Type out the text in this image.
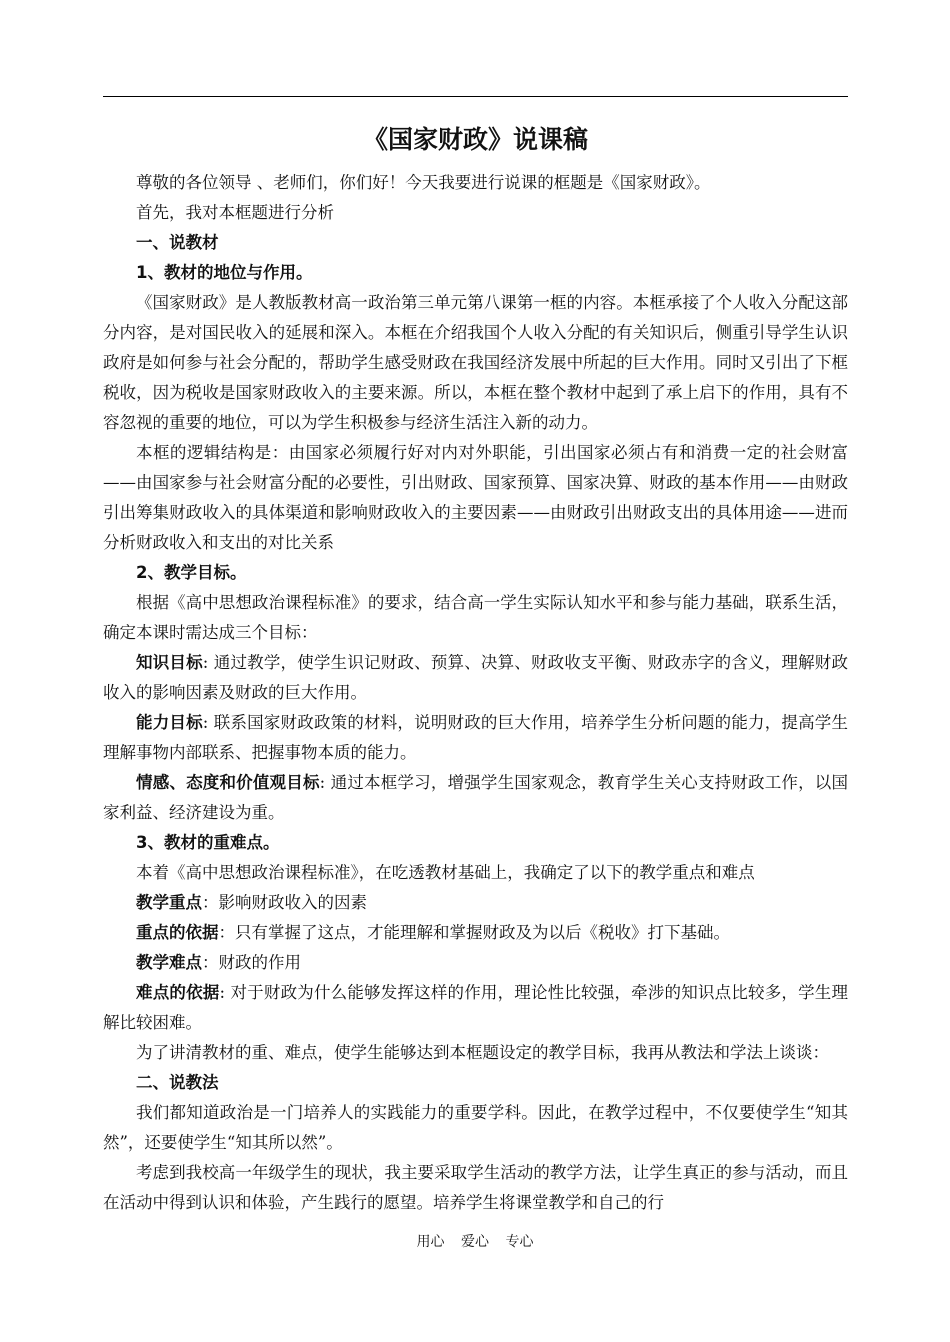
《国家财政》说课稿

尊敬的各位领导 、老师们，你们好！今天我要进行说课的框题是《国家财政》。

首先，我对本框题进行分析

一、说教材

1、教材的地位与作用。

《国家财政》是人教版教材高一政治第三单元第八课第一框的内容。本框承接了个人收入分配这部分内容，是对国民收入的延展和深入。本框在介绍我国个人收入分配的有关知识后，侧重引导学生认识政府是如何参与社会分配的，帮助学生感受财政在我国经济发展中所起的巨大作用。同时又引出了下框税收，因为税收是国家财政收入的主要来源。所以，本框在整个教材中起到了承上启下的作用，具有不容忽视的重要的地位，可以为学生积极参与经济生活注入新的动力。

本框的逻辑结构是：由国家必须履行好对内对外职能，引出国家必须占有和消费一定的社会财富——由国家参与社会财富分配的必要性，引出财政、国家预算、国家决算、财政的基本作用——由财政引出筹集财政收入的具体渠道和影响财政收入的主要因素——由财政引出财政支出的具体用途——进而分析财政收入和支出的对比关系

2、教学目标。

根据《高中思想政治课程标准》的要求，结合高一学生实际认知水平和参与能力基础，联系生活，确定本课时需达成三个目标：

知识目标: 通过教学，使学生识记财政、预算、决算、财政收支平衡、财政赤字的含义，理解财政收入的影响因素及财政的巨大作用。

能力目标: 联系国家财政政策的材料，说明财政的巨大作用，培养学生分析问题的能力，提高学生理解事物内部联系、把握事物本质的能力。

情感、态度和价值观目标: 通过本框学习，增强学生国家观念，教育学生关心支持财政工作，以国家利益、经济建设为重。

3、教材的重难点。

本着《高中思想政治课程标准》，在吃透教材基础上，我确定了以下的教学重点和难点

教学重点：影响财政收入的因素

重点的依据：只有掌握了这点，才能理解和掌握财政及为以后《税收》打下基础。

教学难点：财政的作用

难点的依据: 对于财政为什么能够发挥这样的作用，理论性比较强，牵涉的知识点比较多，学生理解比较困难。

为了讲清教材的重、难点，使学生能够达到本框题设定的教学目标，我再从教法和学法上谈谈：

二、说教法

我们都知道政治是一门培养人的实践能力的重要学科。因此，在教学过程中，不仅要使学生“知其然”，还要使学生“知其所以然”。

考虑到我校高一年级学生的现状，我主要采取学生活动的教学方法，让学生真正的参与活动，而且在活动中得到认识和体验，产生践行的愿望。培养学生将课堂教学和自己的行

用心 爱心 专心
